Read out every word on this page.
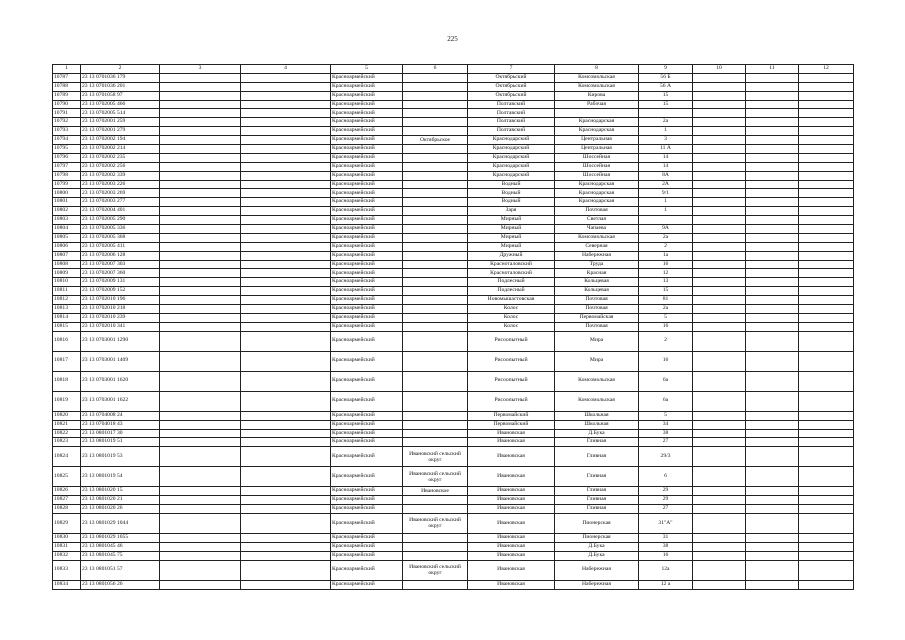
225
1	2	3	4	5	6	7	8	9	10	11	12
10787	23 13 0701036 179			Красноармейский		Октябрьский	Комсомольская	56 Б			
10788	23 13 0701036 201			Красноармейский		Октябрьский	Комсомольская	56 А			
10789	23 13 0701058 97			Красноармейский		Октябрьский	Кирова	15			
10790	23 13 0702005 466			Красноармейский		Полтавский	Рабочая	15			
10791	23 13 0702005 514			Красноармейский		Полтавский					
10792	23 13 0702001 259			Красноармейский		Полтавский	Краснодарская	2а			
10793	23 13 0702001 279			Красноармейский		Полтавский	Краснодарская	1			
10794	23 13 0702002 194			Красноармейский	Октябрьское	Краснодарский	Центральная	3			
10795	23 13 0702002 214			Красноармейский		Краснодарский	Центральная	11 А			
10796	23 13 0702002 235			Красноармейский		Краснодарский	Шоссейная	14			
10797	23 13 0702002 256			Красноармейский		Краснодарский	Шоссейная	14			
10798	23 13 0702002 339			Красноармейский		Краснодарский	Шоссейная	8А			
10799	23 13 0702003 226			Красноармейский		Водный	Краснодарская	2А			
10800	23 13 0702003 269			Красноармейский		Водный	Краснодарская	9/1			
10801	23 13 0702003 277			Красноармейский		Водный	Краснодарская	1			
10802	23 13 0702004 401			Красноармейский		Заря	Почтовая	1			
10803	23 13 0702005 290			Красноармейский		Мирный	Светлая				
10804	23 13 0702005 336			Красноармейский		Мирный	Чапаева	9А			
10805	23 13 0702005 368			Красноармейский		Мирный	Комсомольская	2а			
10806	23 13 0702005 411			Красноармейский		Мирный	Северная	2			
10807	23 13 0702006 128			Красноармейский		Дружный	Набережная	1а			
10808	23 13 0702007 303			Красноармейский		Красноталовский	Труда	16			
10809	23 13 0702007 360			Красноармейский		Красноталовский	Красная	12			
10810	23 13 0702009 131			Красноармейский		Подлесный	Кольцевая	13			
10811	23 13 0702009 152			Красноармейский		Подлесный	Кольцевая	15			
10812	23 13 0702010 196			Красноармейский		Новомышастовская	Почтовая	81			
10813	23 13 0702010 218			Красноармейский		Колос	Почтовая	2а			
10814	23 13 0702010 239			Красноармейский		Колос	Первомайская	5			
10815	23 13 0702010 341			Красноармейский		Колос	Почтовая	16			
10816	23 13 0703001 1290			Красноармейский		Рисоопытный	Мира	2			
10817	23 13 0703001 1409			Красноармейский		Рисоопытный	Мира	16			
10818	23 13 0703001 1620			Красноармейский		Рисоопытный	Комсомольская	6а			
10819	23 13 0703001 1622			Красноармейский		Рисоопытный	Комсомольская	6а			
10820	23 13 0704008 24			Красноармейский		Первомайский	Школьная	5			
10821	23 13 0704018 43			Красноармейский		Первомайский	Школьная	34			
10822	23 13 0801017 30			Красноармейский		Ивановская	Д.Бука	38			
10823	23 13 0801019 51			Красноармейский		Ивановская	Гливная	27			
10824	23 13 0801019 53			Красноармейский	Ивановский сельский округ	Ивановская	Гливная	29/3			
10825	23 13 0801019 54			Красноармейский	Ивановский сельский округ	Ивановская	Гливная	6			
10826	23 13 0801020 15			Красноармейский	Ивановское	Ивановская	Гливная	29			
10827	23 13 0801020 21			Красноармейский		Ивановская	Гливная	29			
10828	23 13 0801020 26			Красноармейский		Ивановская	Гливная	27			
10829	23 13 0801029 1044			Красноармейский	Ивановский сельский округ	Ивановская	Пионерская	31"А"			
10830	23 13 0801029 1055			Красноармейский		Ивановская	Пионерская	31			
10831	23 13 0801045 46			Красноармейский		Ивановская	Д.Бука	38			
10832	23 13 0801045 75			Красноармейский		Ивановская	Д.Бука	16			
10833	23 13 0801051 57			Красноармейский	Ивановский сельский округ	Ивановская	Набережная	12а			
10834	23 13 0801056 26			Красноармейский		Ивановская	Набережная	12 а			
